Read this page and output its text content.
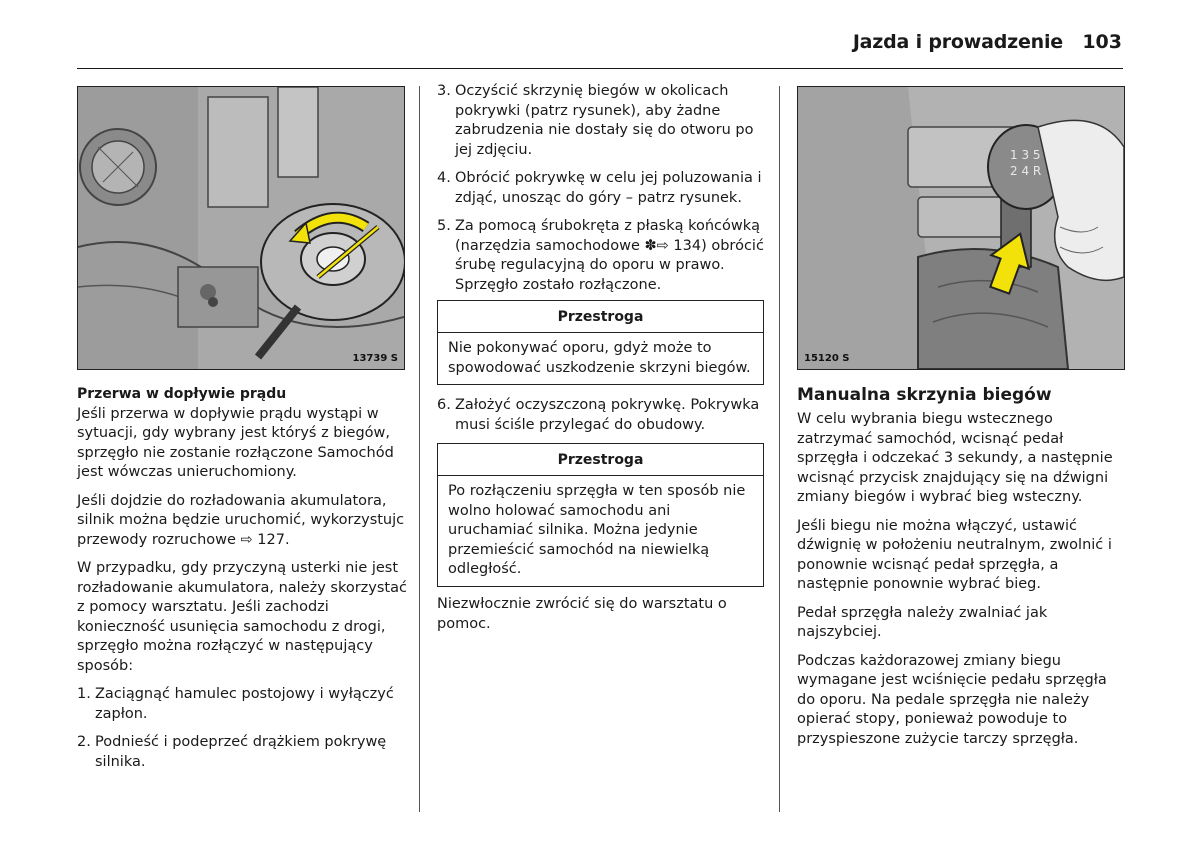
Jazda i prowadzenie 103
13739 S
1 3 5
2 4 R
15120 S

Przerwa w dopływie prądu

Jeśli przerwa w dopływie prądu wystąpi w sytuacji, gdy wybrany jest któryś z biegów, sprzęgło nie zostanie rozłączone Samochód jest wówczas unieruchomiony.

Jeśli dojdzie do rozładowania akumulatora, silnik można będzie uruchomić, wykorzystujc przewody rozruchowe ⇨ 127.

W przypadku, gdy przyczyną usterki nie jest rozładowanie akumulatora, należy skorzystać z pomocy warsztatu. Jeśli zachodzi konieczność usunięcia samochodu z drogi, sprzęgło można rozłączyć w następujący sposób:

1. Zaciągnąć hamulec postojowy i wyłączyć zapłon.
2. Podnieść i podeprzeć drążkiem pokrywę silnika.
3. Oczyścić skrzynię biegów w okolicach pokrywki (patrz rysunek), aby żadne zabrudzenia nie dostały się do otworu po jej zdjęciu.
4. Obrócić pokrywkę w celu jej poluzowania i zdjąć, unosząc do góry – patrz rysunek.
5. Za pomocą śrubokręta z płaską końcówką (narzędzia samochodowe ✽⇨ 134) obrócić śrubę regulacyjną do oporu w prawo. Sprzęgło zostało rozłączone.
Przestroga
Nie pokonywać oporu, gdyż może to spowodować uszkodzenie skrzyni biegów.
6. Założyć oczyszczoną pokrywkę. Pokrywka musi ściśle przylegać do obudowy.
Przestroga
Po rozłączeniu sprzęgła w ten sposób nie wolno holować samochodu ani uruchamiać silnika. Można jedynie przemieścić samochód na niewielką odległość.

Niezwłocznie zwrócić się do warsztatu o pomoc.

Manualna skrzynia biegów

W celu wybrania biegu wstecznego zatrzymać samochód, wcisnąć pedał sprzęgła i odczekać 3 sekundy, a następnie wcisnąć przycisk znajdujący się na dźwigni zmiany biegów i wybrać bieg wsteczny.

Jeśli biegu nie można włączyć, ustawić dźwignię w położeniu neutralnym, zwolnić i ponownie wcisnąć pedał sprzęgła, a następnie ponownie wybrać bieg.

Pedał sprzęgła należy zwalniać jak najszybciej.

Podczas każdorazowej zmiany biegu wymagane jest wciśnięcie pedału sprzęgła do oporu. Na pedale sprzęgła nie należy opierać stopy, ponieważ powoduje to przyspieszone zużycie tarczy sprzęgła.
